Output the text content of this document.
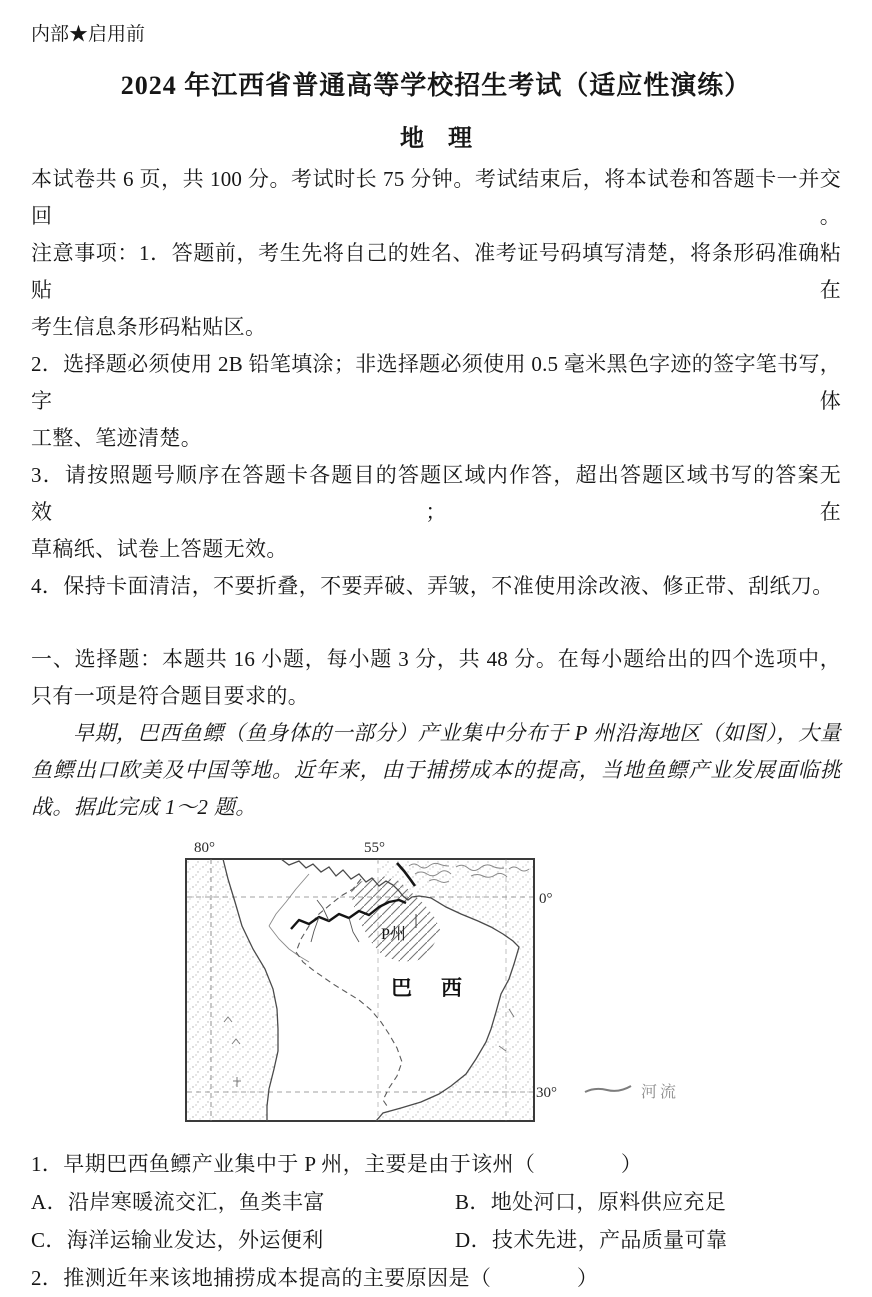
内部★启用前
2024 年江西省普通高等学校招生考试（适应性演练）
地　理
本试卷共 6 页，共 100 分。考试时长 75 分钟。考试结束后，将本试卷和答题卡一并交回。
注意事项：1．答题前，考生先将自己的姓名、准考证号码填写清楚，将条形码准确粘贴在
考生信息条形码粘贴区。
2．选择题必须使用 2B 铅笔填涂；非选择题必须使用 0.5 毫米黑色字迹的签字笔书写，字体
工整、笔迹清楚。
3．请按照题号顺序在答题卡各题目的答题区域内作答，超出答题区域书写的答案无效；在
草稿纸、试卷上答题无效。
4．保持卡面清洁，不要折叠，不要弄破、弄皱，不准使用涂改液、修正带、刮纸刀。
一、选择题：本题共 16 小题，每小题 3 分，共 48 分。在每小题给出的四个选项中，
只有一项是符合题目要求的。
早期，巴西鱼鳔（鱼身体的一部分）产业集中分布于 P 州沿海地区（如图），大量
鱼鳔出口欧美及中国等地。近年来，由于捕捞成本的提高，当地鱼鳔产业发展面临挑
战。据此完成 1～2 题。
80°	55°
0°
30°
P州
巴　西
河流
1．早期巴西鱼鳔产业集中于 P 州，主要是由于该州（　　　　）
A．沿岸寒暖流交汇，鱼类丰富	B．地处河口，原料供应充足
C．海洋运输业发达，外运便利	D．技术先进，产品质量可靠
2．推测近年来该地捕捞成本提高的主要原因是（　　　　）
